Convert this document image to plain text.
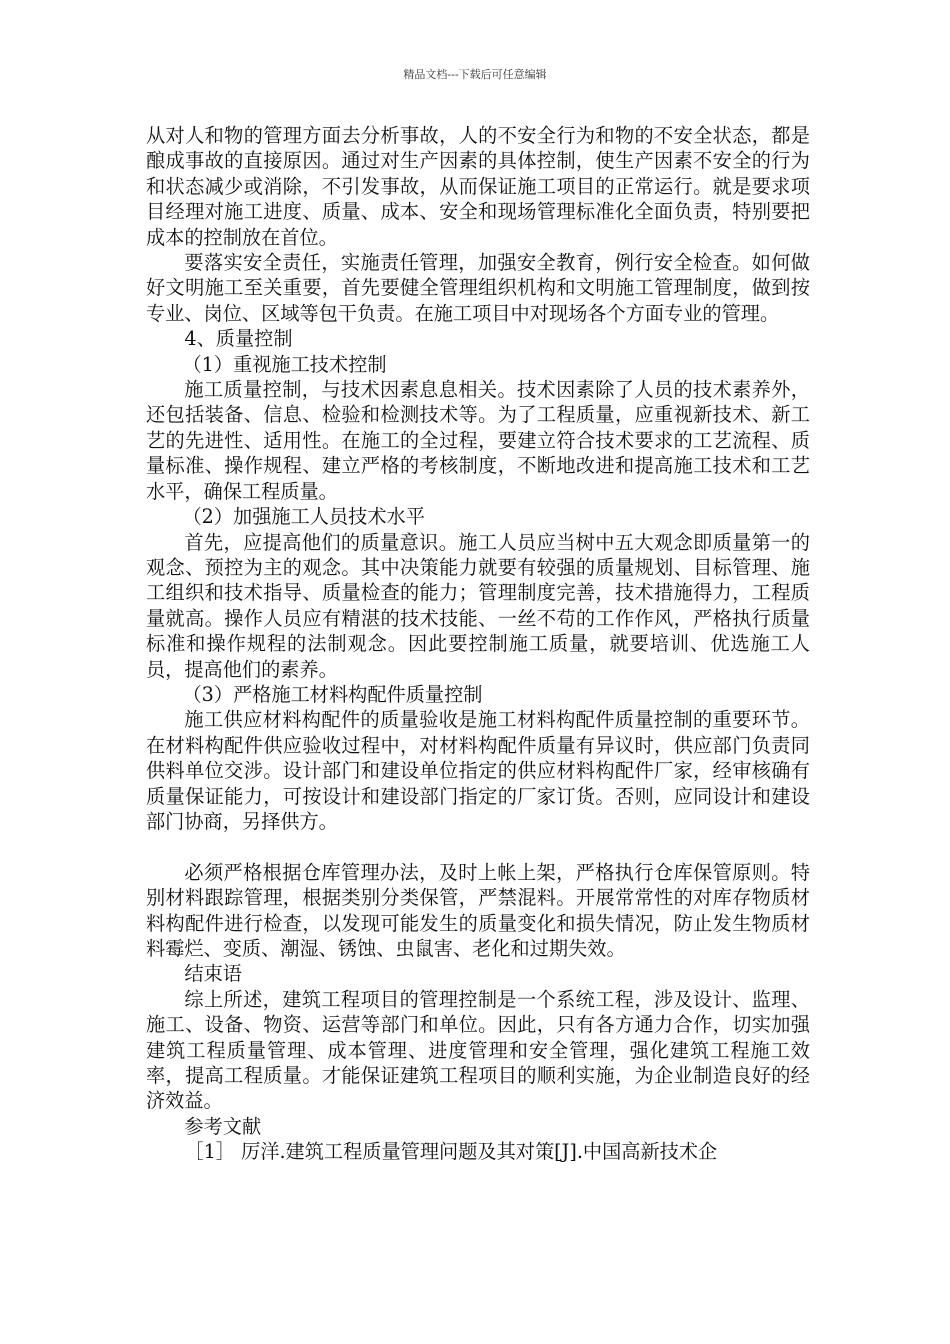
精品文档---下载后可任意编辑

从对人和物的管理方面去分析事故，人的不安全行为和物的不安全状态，都是酿成事故的直接原因。通过对生产因素的具体控制，使生产因素不安全的行为和状态减少或消除，不引发事故，从而保证施工项目的正常运行。就是要求项目经理对施工进度、质量、成本、安全和现场管理标准化全面负责，特别要把成本的控制放在首位。

要落实安全责任，实施责任管理，加强安全教育，例行安全检查。如何做好文明施工至关重要，首先要健全管理组织机构和文明施工管理制度，做到按专业、岗位、区域等包干负责。在施工项目中对现场各个方面专业的管理。

4、质量控制

（1）重视施工技术控制

施工质量控制，与技术因素息息相关。技术因素除了人员的技术素养外，还包括装备、信息、检验和检测技术等。为了工程质量，应重视新技术、新工艺的先进性、适用性。在施工的全过程，要建立符合技术要求的工艺流程、质量标准、操作规程、建立严格的考核制度，不断地改进和提高施工技术和工艺水平，确保工程质量。

（2）加强施工人员技术水平

首先，应提高他们的质量意识。施工人员应当树中五大观念即质量第一的观念、预控为主的观念。其中决策能力就要有较强的质量规划、目标管理、施工组织和技术指导、质量检查的能力；管理制度完善，技术措施得力，工程质量就高。操作人员应有精湛的技术技能、一丝不苟的工作作风，严格执行质量标准和操作规程的法制观念。因此要控制施工质量，就要培训、优选施工人员，提高他们的素养。

（3）严格施工材料构配件质量控制

施工供应材料构配件的质量验收是施工材料构配件质量控制的重要环节。在材料构配件供应验收过程中，对材料构配件质量有异议时，供应部门负责同供料单位交涉。设计部门和建设单位指定的供应材料构配件厂家，经审核确有质量保证能力，可按设计和建设部门指定的厂家订货。否则，应同设计和建设部门协商，另择供方。

必须严格根据仓库管理办法，及时上帐上架，严格执行仓库保管原则。特别材料跟踪管理，根据类别分类保管，严禁混料。开展常常性的对库存物质材料构配件进行检查，以发现可能发生的质量变化和损失情况，防止发生物质材料霉烂、变质、潮湿、锈蚀、虫鼠害、老化和过期失效。

结束语

综上所述，建筑工程项目的管理控制是一个系统工程，涉及设计、监理、施工、设备、物资、运营等部门和单位。因此，只有各方通力合作，切实加强建筑工程质量管理、成本管理、进度管理和安全管理，强化建筑工程施工效率，提高工程质量。才能保证建筑工程项目的顺利实施，为企业制造良好的经济效益。

参考文献

［1］ 厉洋.建筑工程质量管理问题及其对策[J].中国高新技术企
